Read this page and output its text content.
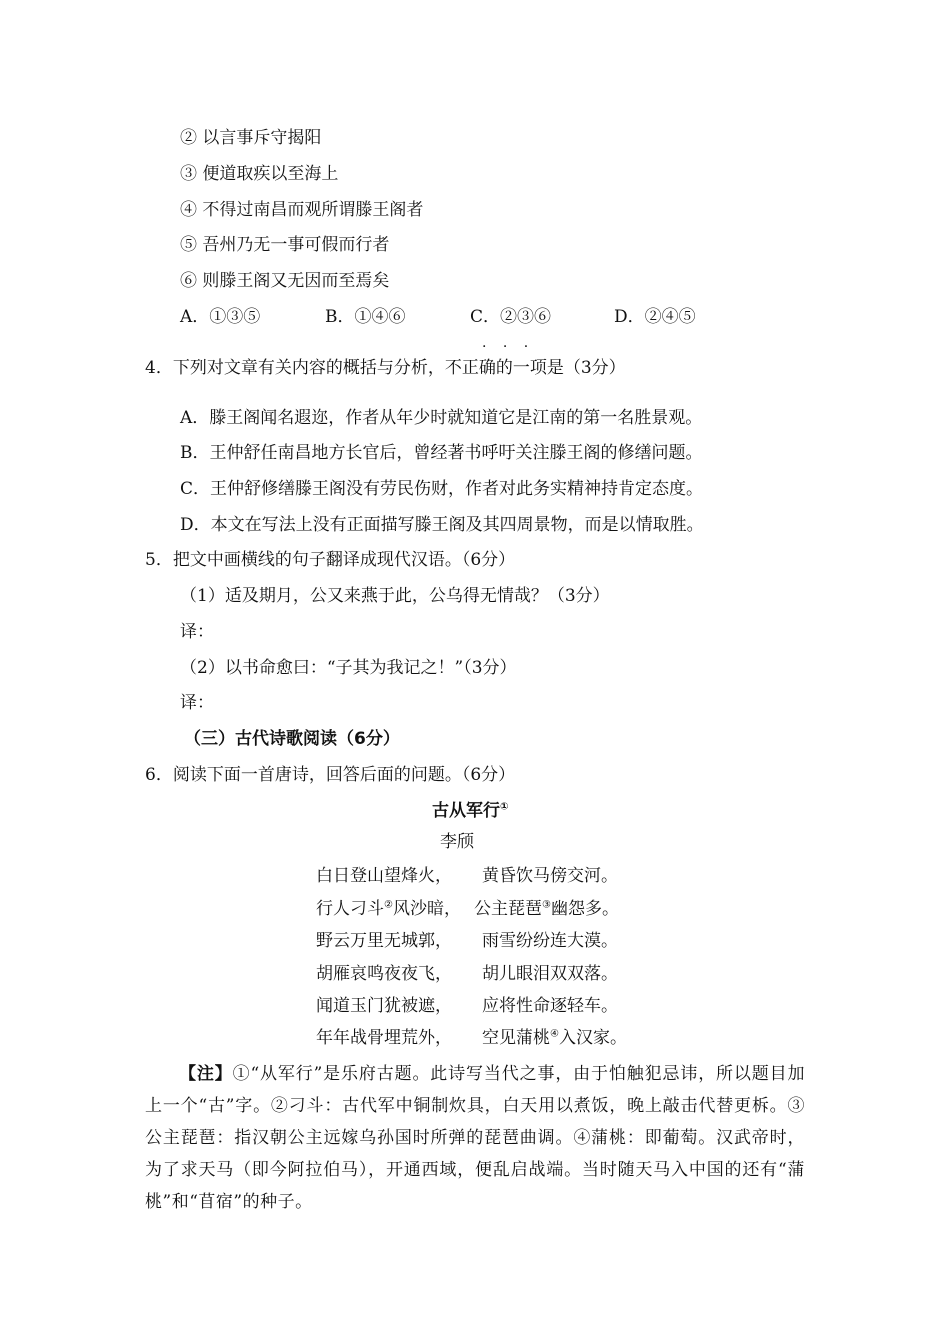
② 以言事斥守揭阳
③ 便道取疾以至海上
④ 不得过南昌而观所谓滕王阁者
⑤ 吾州乃无一事可假而行者
⑥ 则滕王阁又无因而至焉矣
A．①③⑤	B．①④⑥	C．②③⑥	D．②④⑤
· · ·
4．下列对文章有关内容的概括与分析，不正确的一项是（3分）
A．滕王阁闻名遐迩，作者从年少时就知道它是江南的第一名胜景观。
B．王仲舒任南昌地方长官后，曾经著书呼吁关注滕王阁的修缮问题。
C．王仲舒修缮滕王阁没有劳民伤财，作者对此务实精神持肯定态度。
D．本文在写法上没有正面描写滕王阁及其四周景物，而是以情取胜。
5．把文中画横线的句子翻译成现代汉语。（6分）
（1）适及期月，公又来燕于此，公乌得无情哉？（3分）
译：
（2）以书命愈曰：“子其为我记之！”（3分）
译：
（三）古代诗歌阅读（6分）
6．阅读下面一首唐诗，回答后面的问题。（6分）
古从军行①
李颀
白日登山望烽火， 黄昏饮马傍交河。
行人刁斗②风沙暗， 公主琵琶③幽怨多。
野云万里无城郭， 雨雪纷纷连大漠。
胡雁哀鸣夜夜飞， 胡儿眼泪双双落。
闻道玉门犹被遮， 应将性命逐轻车。
年年战骨埋荒外， 空见蒲桃④入汉家。
【注】①“从军行”是乐府古题。此诗写当代之事，由于怕触犯忌讳，所以题目加上一个“古”字。②刁斗：古代军中铜制炊具，白天用以煮饭，晚上敲击代替更柝。③公主琵琶：指汉朝公主远嫁乌孙国时所弹的琵琶曲调。④蒲桃：即葡萄。汉武帝时，为了求天马（即今阿拉伯马），开通西域，便乱启战端。当时随天马入中国的还有“蒲桃”和“苜宿”的种子。
